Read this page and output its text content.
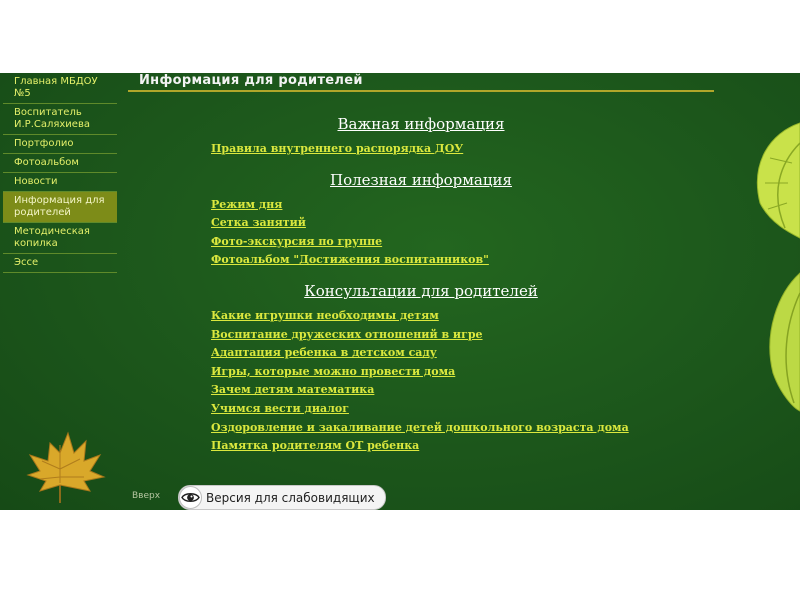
Главная МБДОУ №5
Воспитатель И.Р.Саляхиева
Портфолио
Фотоальбом
Новости
Информация для родителей
Методическая копилка
Эссе
Информация для родителей
Важная информация
Правила внутреннего распорядка ДОУ
Полезная информация
Режим дня
Сетка занятий
Фото-экскурсия по группе
Фотоальбом "Достижения воспитанников"
Консультации для родителей
Какие игрушки необходимы детям
Воспитание дружеских отношений в игре
Адаптация ребенка в детском саду
Игры, которые можно провести дома
Зачем детям математика
Учимся вести диалог
Оздоровление и закаливание детей дошкольного возраста дома
Памятка родителям ОТ ребенка
Вверх	Версия для слабовидящих
